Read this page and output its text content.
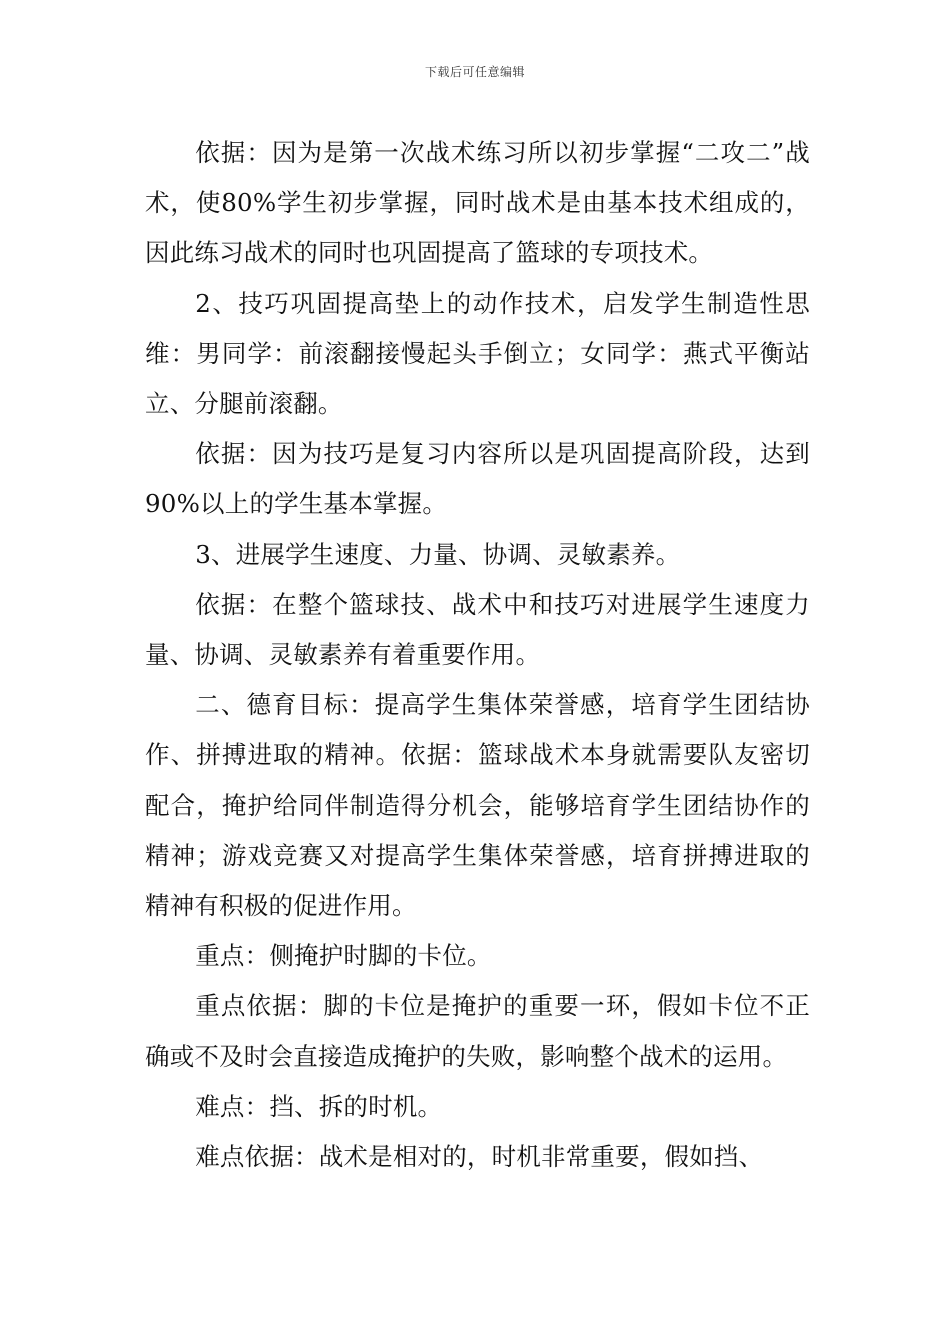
下载后可任意编辑

依据：因为是第一次战术练习所以初步掌握“二攻二”战术，使80%学生初步掌握，同时战术是由基本技术组成的，因此练习战术的同时也巩固提高了篮球的专项技术。

2、技巧巩固提高垫上的动作技术，启发学生制造性思维：男同学：前滚翻接慢起头手倒立；女同学：燕式平衡站立、分腿前滚翻。

依据：因为技巧是复习内容所以是巩固提高阶段，达到90%以上的学生基本掌握。

3、进展学生速度、力量、协调、灵敏素养。

依据：在整个篮球技、战术中和技巧对进展学生速度力量、协调、灵敏素养有着重要作用。

二、德育目标：提高学生集体荣誉感，培育学生团结协作、拼搏进取的精神。依据：篮球战术本身就需要队友密切配合，掩护给同伴制造得分机会，能够培育学生团结协作的精神；游戏竞赛又对提高学生集体荣誉感，培育拼搏进取的精神有积极的促进作用。

重点：侧掩护时脚的卡位。

重点依据：脚的卡位是掩护的重要一环，假如卡位不正确或不及时会直接造成掩护的失败，影响整个战术的运用。

难点：挡、拆的时机。

难点依据：战术是相对的，时机非常重要，假如挡、
